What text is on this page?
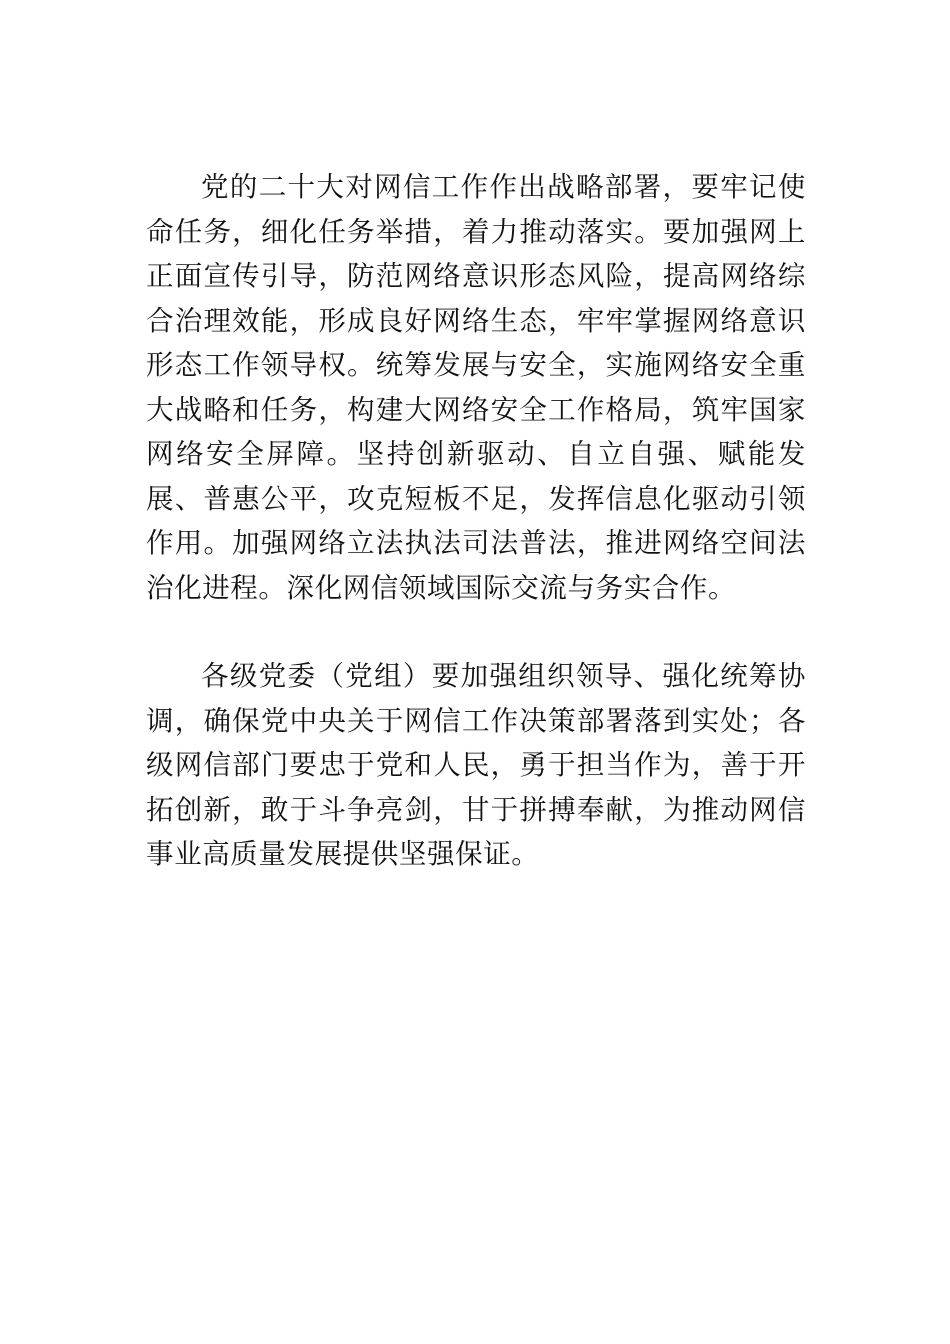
党的二十大对网信工作作出战略部署，要牢记使命任务，细化任务举措，着力推动落实。要加强网上正面宣传引导，防范网络意识形态风险，提高网络综合治理效能，形成良好网络生态，牢牢掌握网络意识形态工作领导权。统筹发展与安全，实施网络安全重大战略和任务，构建大网络安全工作格局，筑牢国家网络安全屏障。坚持创新驱动、自立自强、赋能发展、普惠公平，攻克短板不足，发挥信息化驱动引领作用。加强网络立法执法司法普法，推进网络空间法治化进程。深化网信领域国际交流与务实合作。

各级党委（党组）要加强组织领导、强化统筹协调，确保党中央关于网信工作决策部署落到实处；各级网信部门要忠于党和人民，勇于担当作为，善于开拓创新，敢于斗争亮剑，甘于拼搏奉献，为推动网信事业高质量发展提供坚强保证。
